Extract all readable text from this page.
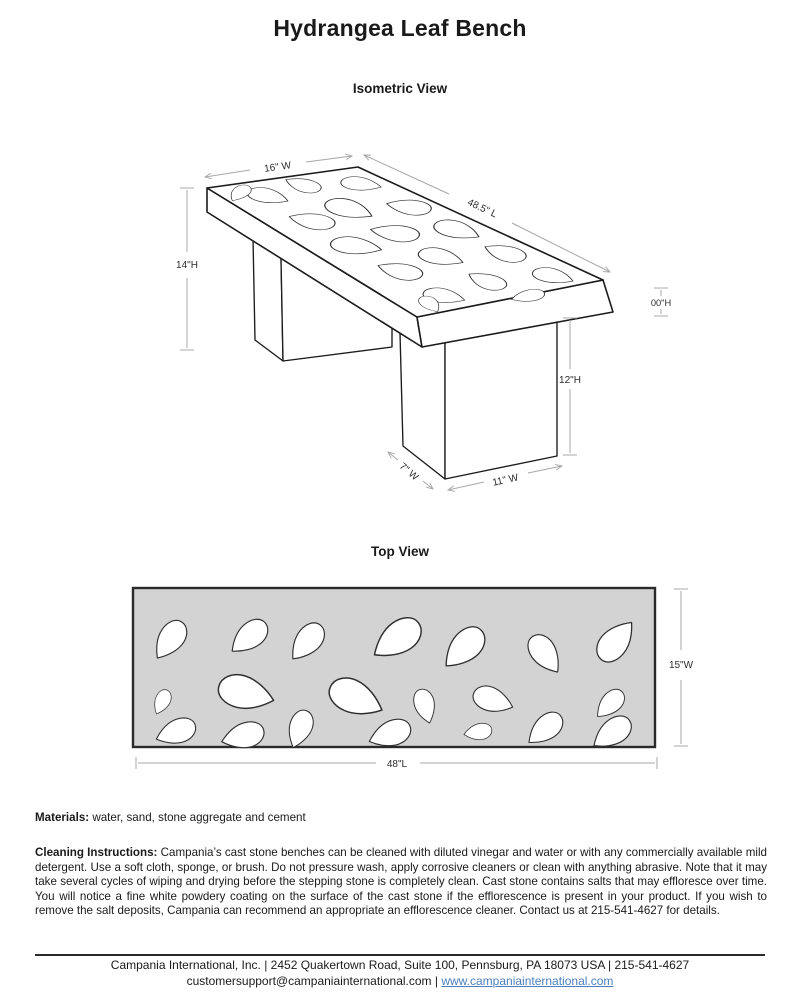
Hydrangea Leaf Bench
Isometric View
Top View
16" W
48.5" L
14"H
00"H
12"H
7" W	11" W
15"W
48"L
Materials: water, sand, stone aggregate and cement
Cleaning Instructions: Campania’s cast stone benches can be cleaned with diluted vinegar and water or with any commercially available mild detergent. Use a soft cloth, sponge, or brush. Do not pressure wash, apply corrosive cleaners or clean with anything abrasive. Note that it may take several cycles of wiping and drying before the stepping stone is completely clean. Cast stone contains salts that may effloresce over time. You will notice a fine white powdery coating on the surface of the cast stone if the efflorescence is present in your product. If you wish to remove the salt deposits, Campania can recommend an appropriate an efflorescence cleaner. Contact us at 215-541-4627 for details.
Campania International, Inc. | 2452 Quakertown Road, Suite 100, Pennsburg, PA 18073 USA | 215-541-4627
customersupport@campaniainternational.com | www.campaniainternational.com
